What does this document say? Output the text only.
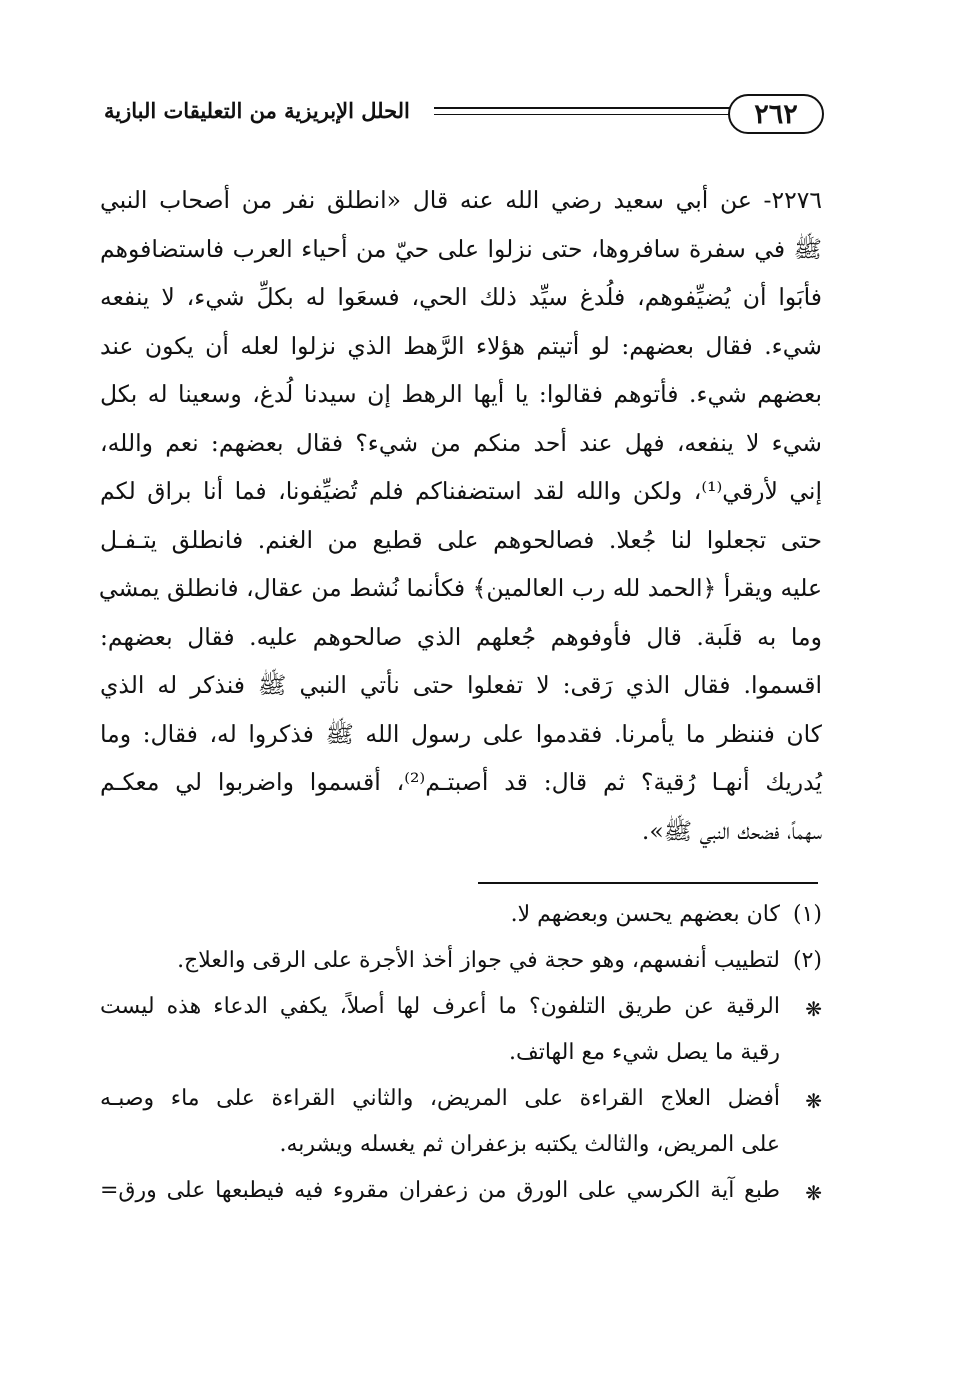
٢٦٢
الحلل الإبريزية من التعليقات البازية
٢٢٧٦- عن أبي سعيد رضي الله عنه قال «انطلق نفر من أصحاب النبي
ﷺ في سفرة سافروها، حتى نزلوا على حيّ من أحياء العرب فاستضافوهم
فأبَوا أن يُضيِّفوهم، فلُدغ سيِّد ذلك الحي، فسعَوا له بكلِّ شيء، لا ينفعه
شيء. فقال بعضهم: لو أتيتم هؤلاء الرَّهط الذي نزلوا لعله أن يكون عند
بعضهم شيء. فأتوهم فقالوا: يا أيها الرهط إن سيدنا لُدغ، وسعينا له بكل
شيء لا ينفعه، فهل عند أحد منكم من شيء؟ فقال بعضهم: نعم والله،
إني لأرقي⁽¹⁾، ولكن والله لقد استضفناكم فلم تُضيِّفونا، فما أنا براق لكم
حتى تجعلوا لنا جُعلا. فصالحوهم على قطيع من الغنم. فانطلق يتـفـل
عليه ويقرأ ﴿الحمد لله رب العالمين﴾ فكأنما نُشط من عقال، فانطلق يمشي
وما به قلَبة. قال فأوفوهم جُعلهم الذي صالحوهم عليه. فقال بعضهم:
اقسموا. فقال الذي رَقى: لا تفعلوا حتى نأتي النبي ﷺ فنذكر له الذي
كان فننظر ما يأمرنا. فقدموا على رسول الله ﷺ فذكروا له، فقال: وما
يُدريك أنهـا رُقية؟ ثم قال: قد أصبتـم⁽²⁾، أقسموا واضربوا لي معكـم
سهماً، فضحك النبي ﷺ».
(١)
كان بعضهم يحسن وبعضهم لا.
(٢)
لتطييب أنفسهم، وهو حجة في جواز أخذ الأجرة على الرقى والعلاج.
❋
الرقية عن طريق التلفون؟ ما أعرف لها أصلاً، يكفي الدعاء هذه ليست
رقية ما يصل شيء مع الهاتف.
❋
أفضل العلاج القراءة على المريض، والثاني القراءة على ماء وصبـه
على المريض، والثالث يكتبه بزعفران ثم يغسله ويشربه.
❋
طبع آية الكرسي على الورق من زعفران مقروء فيه فيطبعها على ورق=
